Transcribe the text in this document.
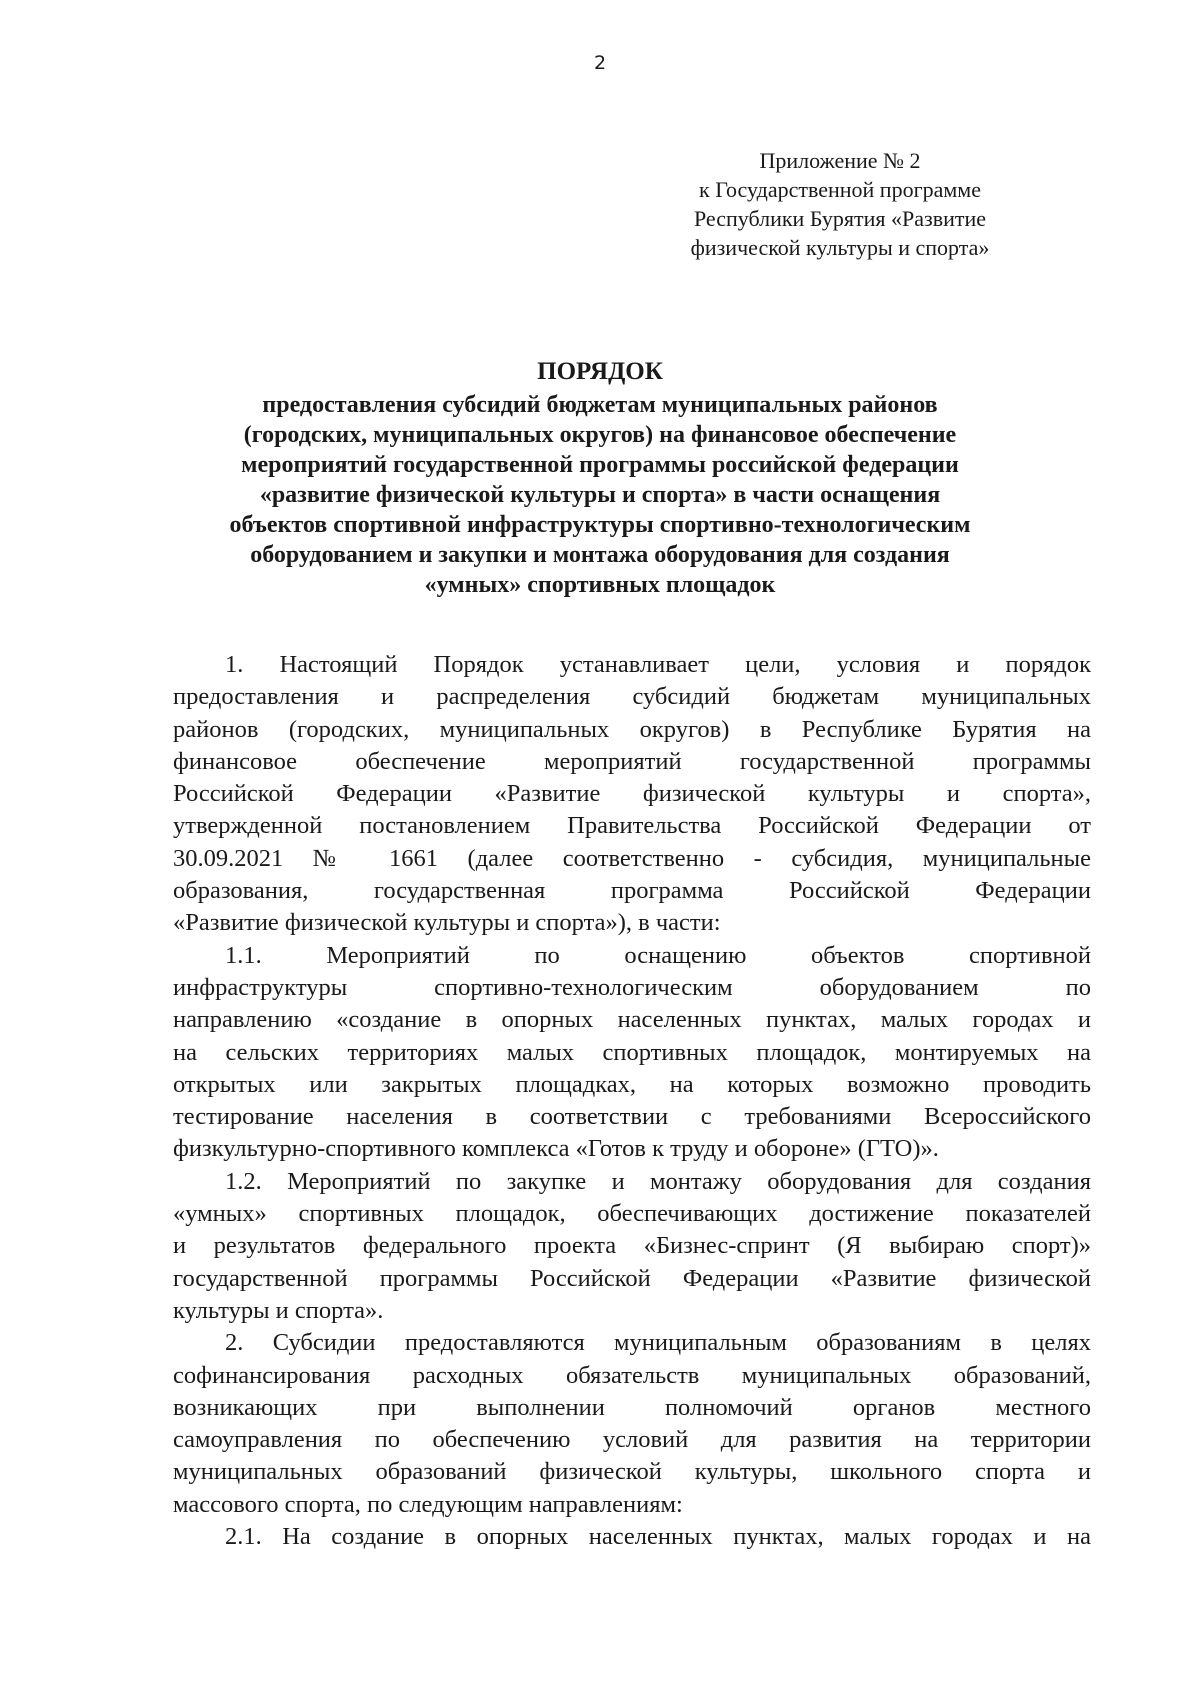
2
Приложение № 2
к Государственной программе
Республики Бурятия «Развитие
физической культуры и спорта»
ПОРЯДОК
предоставления субсидий бюджетам муниципальных районов
(городских, муниципальных округов) на финансовое обеспечение
мероприятий государственной программы российской федерации
«развитие физической культуры и спорта» в части оснащения
объектов спортивной инфраструктуры спортивно-технологическим
оборудованием и закупки и монтажа оборудования для создания
«умных» спортивных площадок
1. Настоящий Порядок устанавливает цели, условия и порядок
предоставления и распределения субсидий бюджетам муниципальных
районов (городских, муниципальных округов) в Республике Бурятия на
финансовое обеспечение мероприятий государственной программы
Российской Федерации «Развитие физической культуры и спорта»,
утвержденной постановлением Правительства Российской Федерации от
30.09.2021 № 1661 (далее соответственно - субсидия, муниципальные
образования, государственная программа Российской Федерации
«Развитие физической культуры и спорта»), в части:
1.1. Мероприятий по оснащению объектов спортивной
инфраструктуры спортивно-технологическим оборудованием по
направлению «создание в опорных населенных пунктах, малых городах и
на сельских территориях малых спортивных площадок, монтируемых на
открытых или закрытых площадках, на которых возможно проводить
тестирование населения в соответствии с требованиями Всероссийского
физкультурно-спортивного комплекса «Готов к труду и обороне» (ГТО)».
1.2. Мероприятий по закупке и монтажу оборудования для создания
«умных» спортивных площадок, обеспечивающих достижение показателей
и результатов федерального проекта «Бизнес-спринт (Я выбираю спорт)»
государственной программы Российской Федерации «Развитие физической
культуры и спорта».
2. Субсидии предоставляются муниципальным образованиям в целях
софинансирования расходных обязательств муниципальных образований,
возникающих при выполнении полномочий органов местного
самоуправления по обеспечению условий для развития на территории
муниципальных образований физической культуры, школьного спорта и
массового спорта, по следующим направлениям:
2.1. На создание в опорных населенных пунктах, малых городах и на
